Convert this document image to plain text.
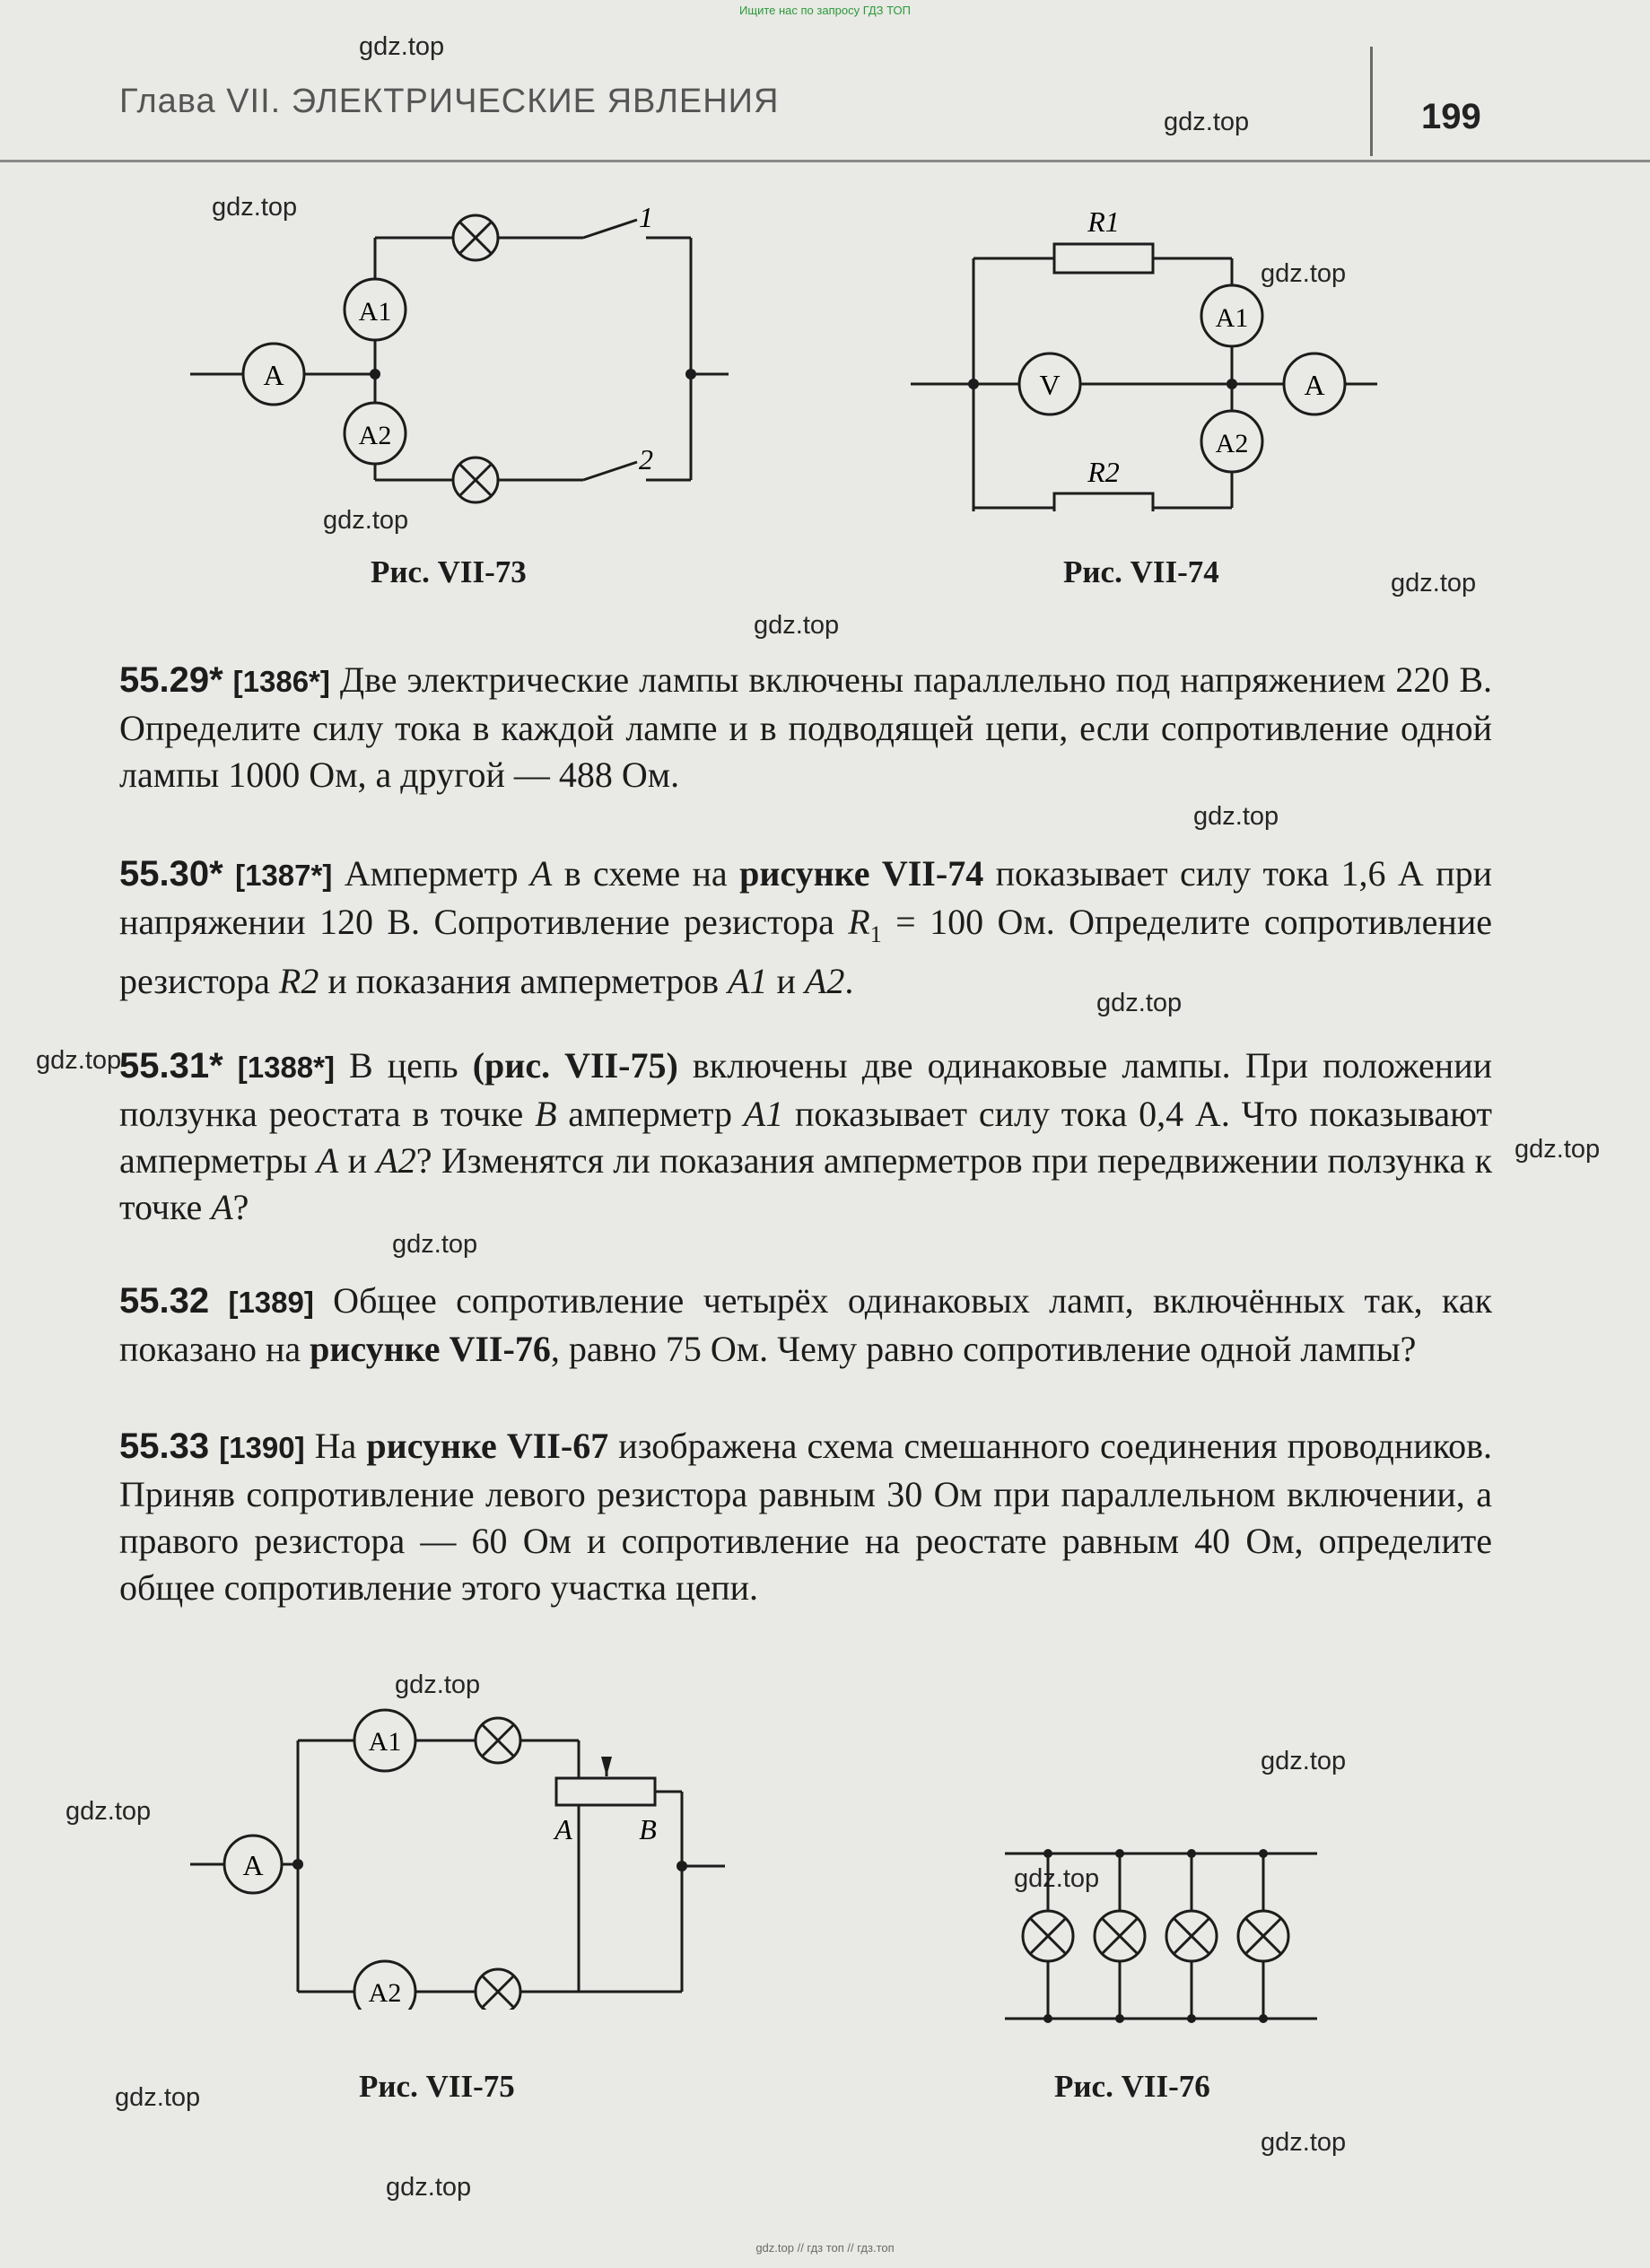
Ищите нас по запросу ГДЗ ТОП
Глава VII. ЭЛЕКТРИЧЕСКИЕ ЯВЛЕНИЯ	199
gdz.top
gdz.top
gdz.top
gdz.top
gdz.top
gdz.top
gdz.top
gdz.top
gdz.top
gdz.top
gdz.top
gdz.top
gdz.top
gdz.top
gdz.top
gdz.top
gdz.top
gdz.top
gdz.top
A
A1
A2
1
2
Рис. VII-73
R1
R2
V	A
A1
A2
Рис. VII-74
55.29* [1386*] Две электрические лампы включены параллельно под напряжением 220 В. Определите силу тока в каждой лампе и в подводящей цепи, если сопротивление одной лампы 1000 Ом, а другой — 488 Ом.
55.30* [1387*] Амперметр A в схеме на рисунке VII-74 показывает силу тока 1,6 А при напряжении 120 В. Сопротивление резистора $R_1 = 100$ Ом. Определите сопротивление резистора R2 и показания амперметров A1 и A2.
55.31* [1388*] В цепь (рис. VII-75) включены две одинаковые лампы. При положении ползунка реостата в точке B амперметр A1 показывает силу тока 0,4 А. Что показывают амперметры A и A2? Изменятся ли показания амперметров при передвижении ползунка к точке A?
55.32 [1389] Общее сопротивление четырёх одинаковых ламп, включённых так, как показано на рисунке VII-76, равно 75 Ом. Чему равно сопротивление одной лампы?
55.33 [1390] На рисунке VII-67 изображена схема смешанного соединения проводников. Приняв сопротивление левого резистора равным 30 Ом при параллельном включении, а правого резистора — 60 Ом и сопротивление на реостате равным 40 Ом, определите общее сопротивление этого участка цепи.
A
A1
A2
A B
Рис. VII-75	Рис. VII-76
gdz.top // гдз топ // гдз.топ
